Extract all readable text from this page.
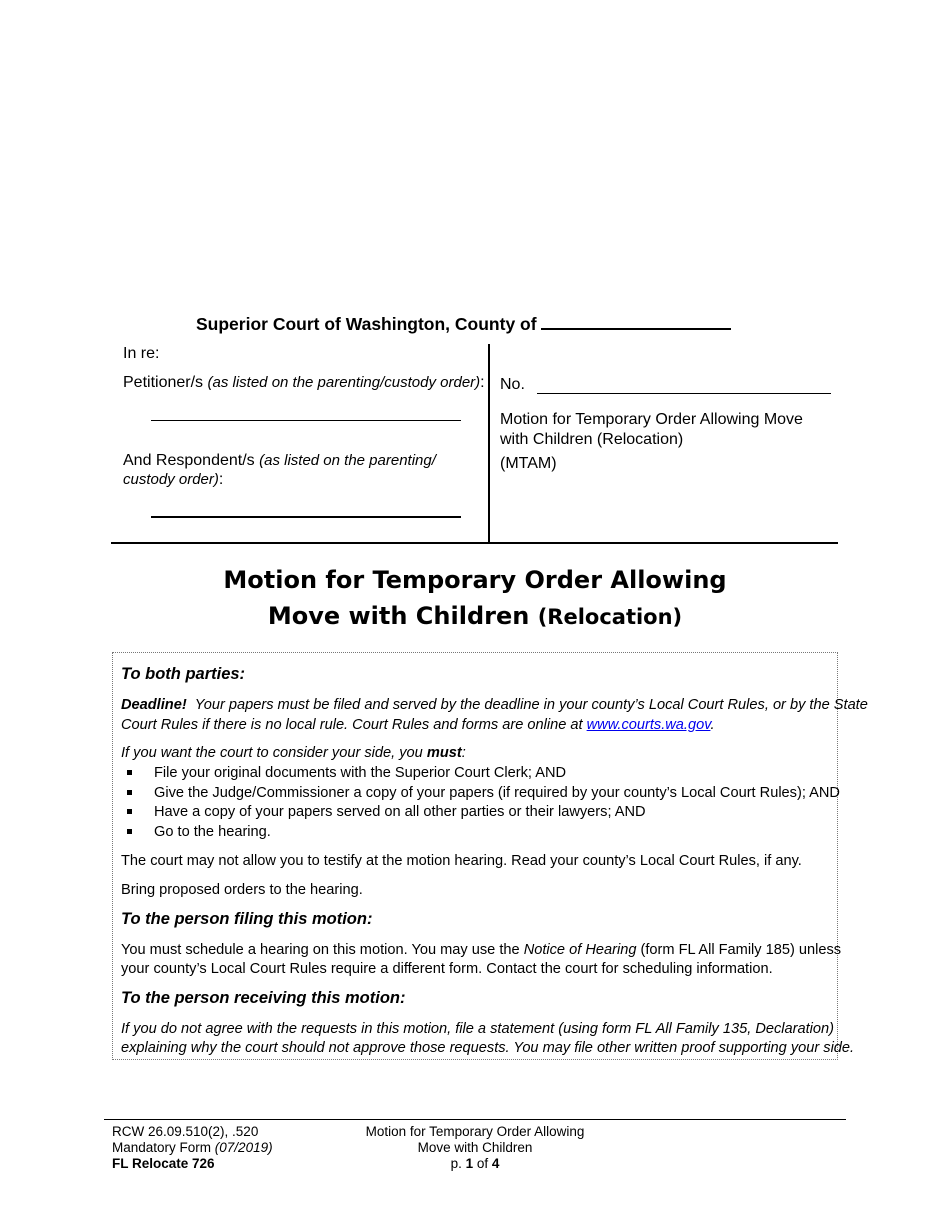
Superior Court of Washington, County of
In re:
Petitioner/s (as listed on the parenting/custody order):
And Respondent/s (as listed on the parenting/
custody order):
No.
Motion for Temporary Order Allowing Move
with Children (Relocation)
(MTAM)
Motion for Temporary Order Allowing
Move with Children (Relocation)
To both parties:
Deadline! Your papers must be filed and served by the deadline in your county’s Local Court Rules, or by the State
Court Rules if there is no local rule. Court Rules and forms are online at www.courts.wa.gov.
If you want the court to consider your side, you must:
File your original documents with the Superior Court Clerk; AND
Give the Judge/Commissioner a copy of your papers (if required by your county’s Local Court Rules); AND
Have a copy of your papers served on all other parties or their lawyers; AND
Go to the hearing.
The court may not allow you to testify at the motion hearing. Read your county’s Local Court Rules, if any.
Bring proposed orders to the hearing.
To the person filing this motion:
You must schedule a hearing on this motion. You may use the Notice of Hearing (form FL All Family 185) unless
your county’s Local Court Rules require a different form. Contact the court for scheduling information.
To the person receiving this motion:
If you do not agree with the requests in this motion, file a statement (using form FL All Family 135, Declaration)
explaining why the court should not approve those requests. You may file other written proof supporting your side.
RCW 26.09.510(2), .520
Mandatory Form (07/2019)
FL Relocate 726
Motion for Temporary Order Allowing
Move with Children
p. 1 of 4
